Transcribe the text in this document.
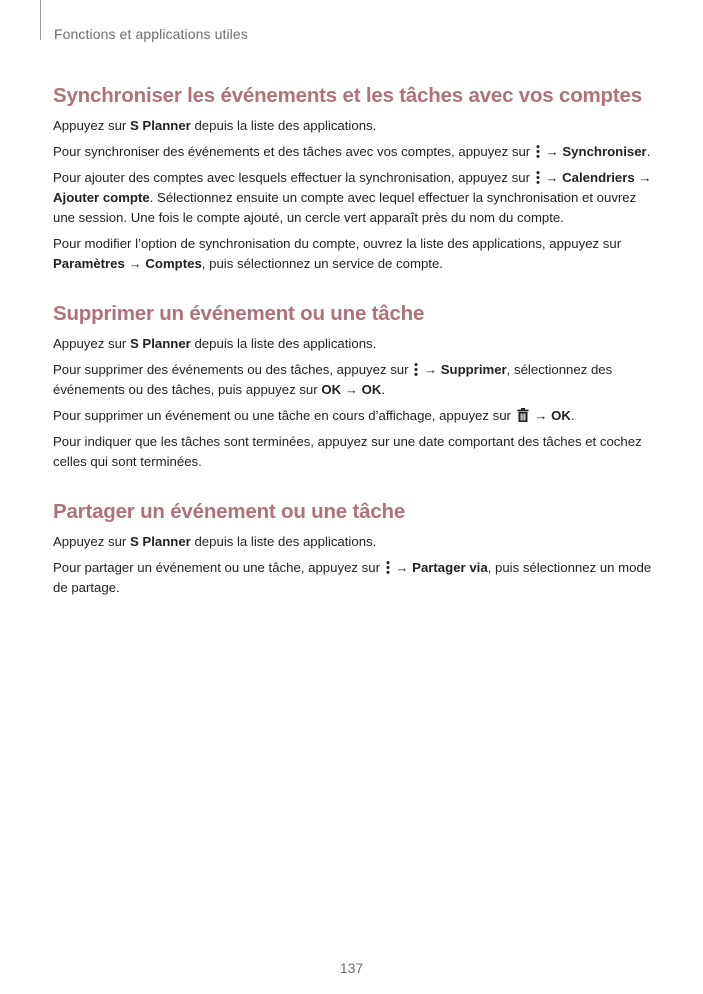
Fonctions et applications utiles
Synchroniser les événements et les tâches avec vos comptes

Appuyez sur S Planner depuis la liste des applications.

Pour synchroniser des événements et des tâches avec vos comptes, appuyez sur  → Synchroniser.

Pour ajouter des comptes avec lesquels effectuer la synchronisation, appuyez sur  → Calendriers → Ajouter compte. Sélectionnez ensuite un compte avec lequel effectuer la synchronisation et ouvrez une session. Une fois le compte ajouté, un cercle vert apparaît près du nom du compte.

Pour modifier l’option de synchronisation du compte, ouvrez la liste des applications, appuyez sur Paramètres → Comptes, puis sélectionnez un service de compte.

Supprimer un événement ou une tâche

Appuyez sur S Planner depuis la liste des applications.

Pour supprimer des événements ou des tâches, appuyez sur  → Supprimer, sélectionnez des événements ou des tâches, puis appuyez sur OK → OK.

Pour supprimer un événement ou une tâche en cours d’affichage, appuyez sur  → OK.

Pour indiquer que les tâches sont terminées, appuyez sur une date comportant des tâches et cochez celles qui sont terminées.

Partager un événement ou une tâche

Appuyez sur S Planner depuis la liste des applications.

Pour partager un événement ou une tâche, appuyez sur  → Partager via, puis sélectionnez un mode de partage.

137
